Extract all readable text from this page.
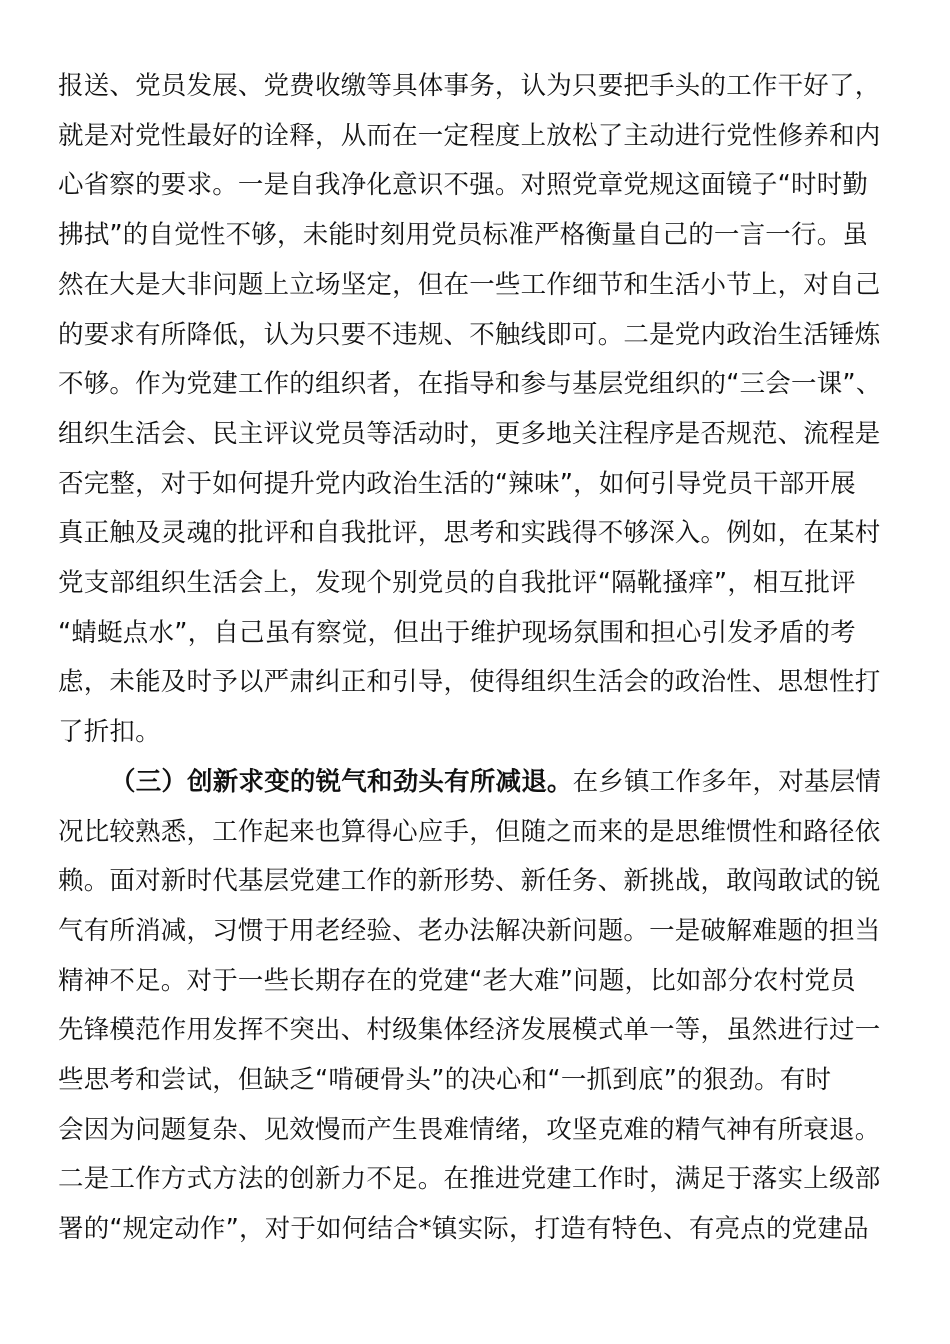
报送、党员发展、党费收缴等具体事务，认为只要把手头的工作干好了，
就是对党性最好的诠释，从而在一定程度上放松了主动进行党性修养和内
心省察的要求。一是自我净化意识不强。对照党章党规这面镜子“时时勤
拂拭”的自觉性不够，未能时刻用党员标准严格衡量自己的一言一行。虽
然在大是大非问题上立场坚定，但在一些工作细节和生活小节上，对自己
的要求有所降低，认为只要不违规、不触线即可。二是党内政治生活锤炼
不够。作为党建工作的组织者，在指导和参与基层党组织的“三会一课”、
组织生活会、民主评议党员等活动时，更多地关注程序是否规范、流程是
否完整，对于如何提升党内政治生活的“辣味”，如何引导党员干部开展
真正触及灵魂的批评和自我批评，思考和实践得不够深入。例如，在某村
党支部组织生活会上，发现个别党员的自我批评“隔靴搔痒”，相互批评
“蜻蜓点水”，自己虽有察觉，但出于维护现场氛围和担心引发矛盾的考
虑，未能及时予以严肃纠正和引导，使得组织生活会的政治性、思想性打
了折扣。
（三）创新求变的锐气和劲头有所减退。在乡镇工作多年，对基层情
况比较熟悉，工作起来也算得心应手，但随之而来的是思维惯性和路径依
赖。面对新时代基层党建工作的新形势、新任务、新挑战，敢闯敢试的锐
气有所消减，习惯于用老经验、老办法解决新问题。一是破解难题的担当
精神不足。对于一些长期存在的党建“老大难”问题，比如部分农村党员
先锋模范作用发挥不突出、村级集体经济发展模式单一等，虽然进行过一
些思考和尝试，但缺乏“啃硬骨头”的决心和“一抓到底”的狠劲。有时
会因为问题复杂、见效慢而产生畏难情绪，攻坚克难的精气神有所衰退。
二是工作方式方法的创新力不足。在推进党建工作时，满足于落实上级部
署的“规定动作”，对于如何结合*镇实际，打造有特色、有亮点的党建品
